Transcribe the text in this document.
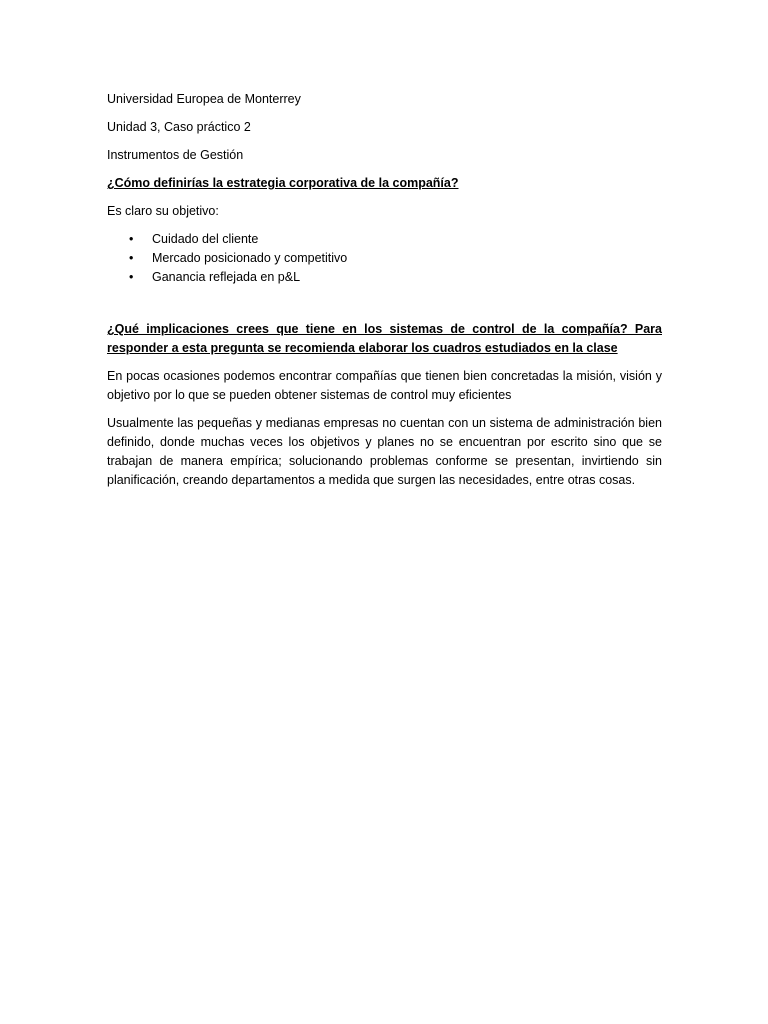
Universidad Europea de Monterrey

Unidad 3, Caso práctico 2

Instrumentos de Gestión

¿Cómo definirías la estrategia corporativa de la compañía?

Es claro su objetivo:

• Cuidado del cliente
• Mercado posicionado y competitivo
• Ganancia reflejada en p&L

¿Qué implicaciones crees que tiene en los sistemas de control de la compañía? Para responder a esta pregunta se recomienda elaborar los cuadros estudiados en la clase

En pocas ocasiones podemos encontrar compañías que tienen bien concretadas la misión, visión y objetivo por lo que se pueden obtener sistemas de control muy eficientes

Usualmente las pequeñas y medianas empresas no cuentan con un sistema de administración bien definido, donde muchas veces los objetivos y planes no se encuentran por escrito sino que se trabajan de manera empírica; solucionando problemas conforme se presentan, invirtiendo sin planificación, creando departamentos a medida que surgen las necesidades, entre otras cosas.
